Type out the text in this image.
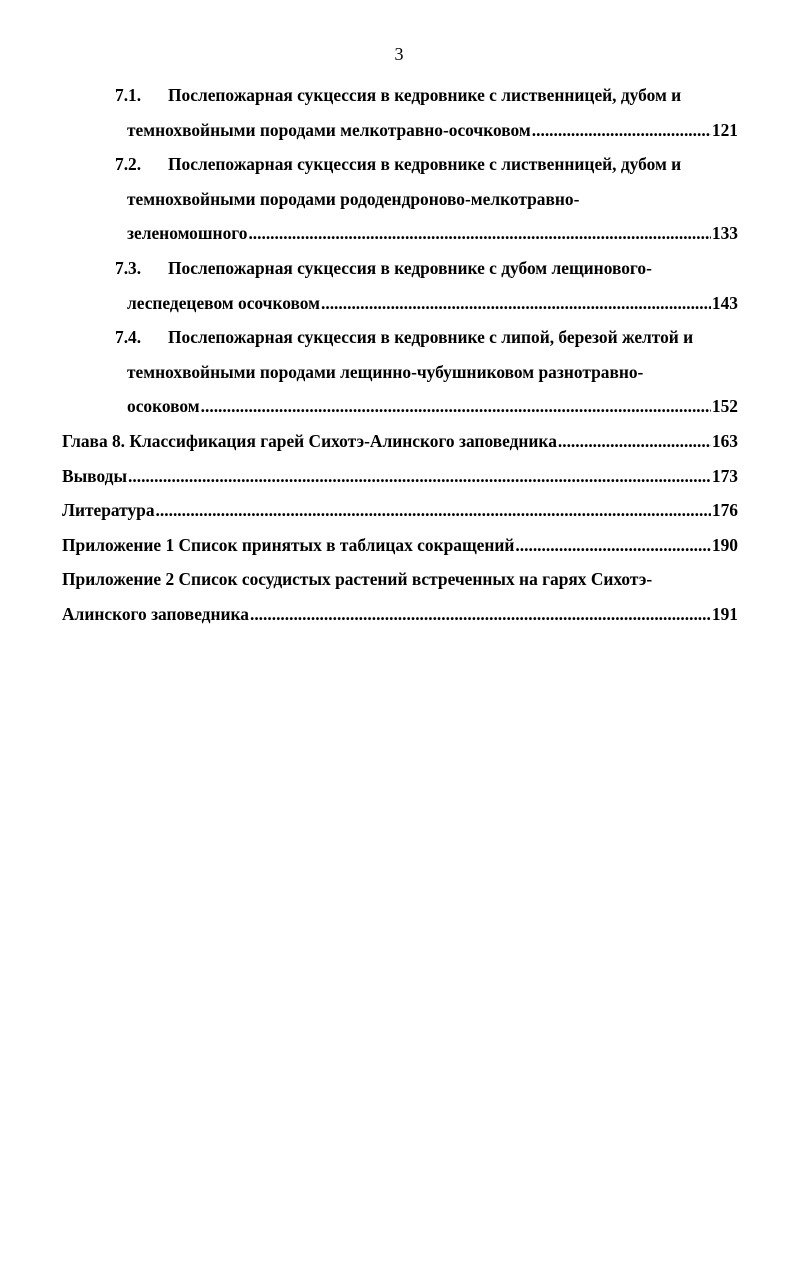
3
7.1.	Послепожарная сукцессия в кедровнике с лиственницей, дубом и
темнохвойными породами мелкотравно-осочковом .....	121
7.2.	Послепожарная сукцессия в кедровнике с лиственницей, дубом и
темнохвойными породами рододендроново-мелкотравно-
зеленомошного .....	133
7.3.	Послепожарная сукцессия в кедровнике с дубом лещинового-
леспедецевом осочковом .....	143
7.4.	Послепожарная сукцессия в кедровнике с липой, березой желтой и
темнохвойными породами лещинно-чубушниковом разнотравно-
осоковом .....	152
Глава 8. Классификация гарей Сихотэ-Алинского заповедника .....	163
Выводы .....	173
Литература .....	176
Приложение 1 Список принятых в таблицах сокращений .....	190
Приложение 2 Список сосудистых растений встреченных на гарях Сихотэ-
Алинского заповедника .....	191
